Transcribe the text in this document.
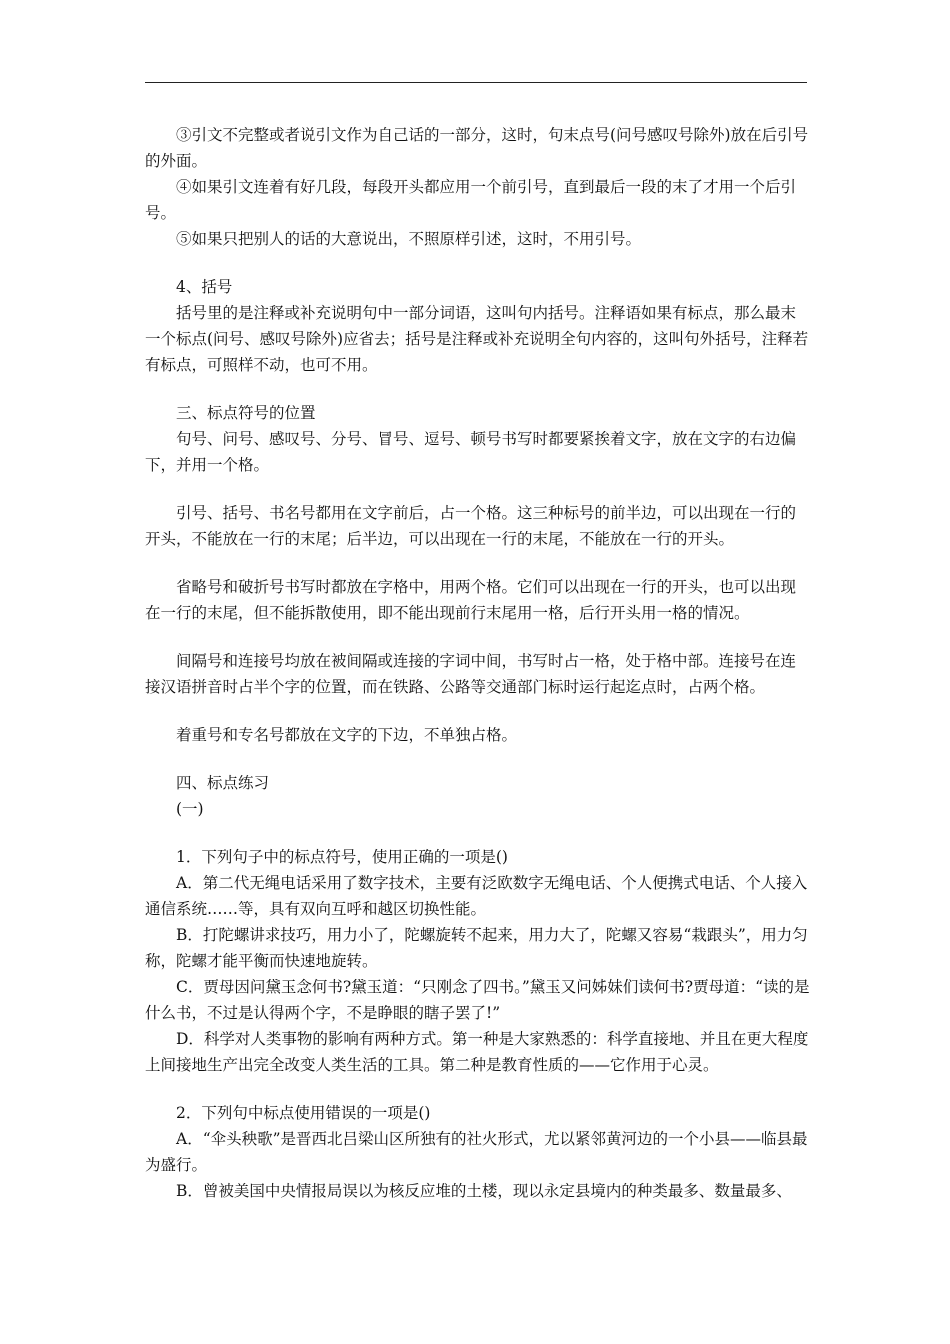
③引文不完整或者说引文作为自己话的一部分，这时，句末点号(问号感叹号除外)放在后引号的外面。

④如果引文连着有好几段，每段开头都应用一个前引号，直到最后一段的末了才用一个后引号。

⑤如果只把别人的话的大意说出，不照原样引述，这时，不用引号。

4、括号

括号里的是注释或补充说明句中一部分词语，这叫句内括号。注释语如果有标点，那么最末一个标点(问号、感叹号除外)应省去；括号是注释或补充说明全句内容的，这叫句外括号，注释若有标点，可照样不动，也可不用。

三、标点符号的位置

句号、问号、感叹号、分号、冒号、逗号、顿号书写时都要紧挨着文字，放在文字的右边偏下，并用一个格。

引号、括号、书名号都用在文字前后，占一个格。这三种标号的前半边，可以出现在一行的开头，不能放在一行的末尾；后半边，可以出现在一行的末尾，不能放在一行的开头。

省略号和破折号书写时都放在字格中，用两个格。它们可以出现在一行的开头，也可以出现在一行的末尾，但不能拆散使用，即不能出现前行末尾用一格，后行开头用一格的情况。

间隔号和连接号均放在被间隔或连接的字词中间，书写时占一格，处于格中部。连接号在连接汉语拼音时占半个字的位置，而在铁路、公路等交通部门标时运行起迄点时，占两个格。

着重号和专名号都放在文字的下边，不单独占格。

四、标点练习

(一)

1．下列句子中的标点符号，使用正确的一项是()

A．第二代无绳电话采用了数字技术，主要有泛欧数字无绳电话、个人便携式电话、个人接入通信系统……等，具有双向互呼和越区切换性能。

B．打陀螺讲求技巧，用力小了，陀螺旋转不起来，用力大了，陀螺又容易“栽跟头”，用力匀称，陀螺才能平衡而快速地旋转。

C．贾母因问黛玉念何书?黛玉道：“只刚念了四书。”黛玉又问姊妹们读何书?贾母道：“读的是什么书，不过是认得两个字，不是睁眼的瞎子罢了!”

D．科学对人类事物的影响有两种方式。第一种是大家熟悉的：科学直接地、并且在更大程度上间接地生产出完全改变人类生活的工具。第二种是教育性质的——它作用于心灵。

2．下列句中标点使用错误的一项是()

A．“伞头秧歌”是晋西北吕梁山区所独有的社火形式，尤以紧邻黄河边的一个小县——临县最为盛行。

B．曾被美国中央情报局误以为核反应堆的土楼，现以永定县境内的种类最多、数量最多、
